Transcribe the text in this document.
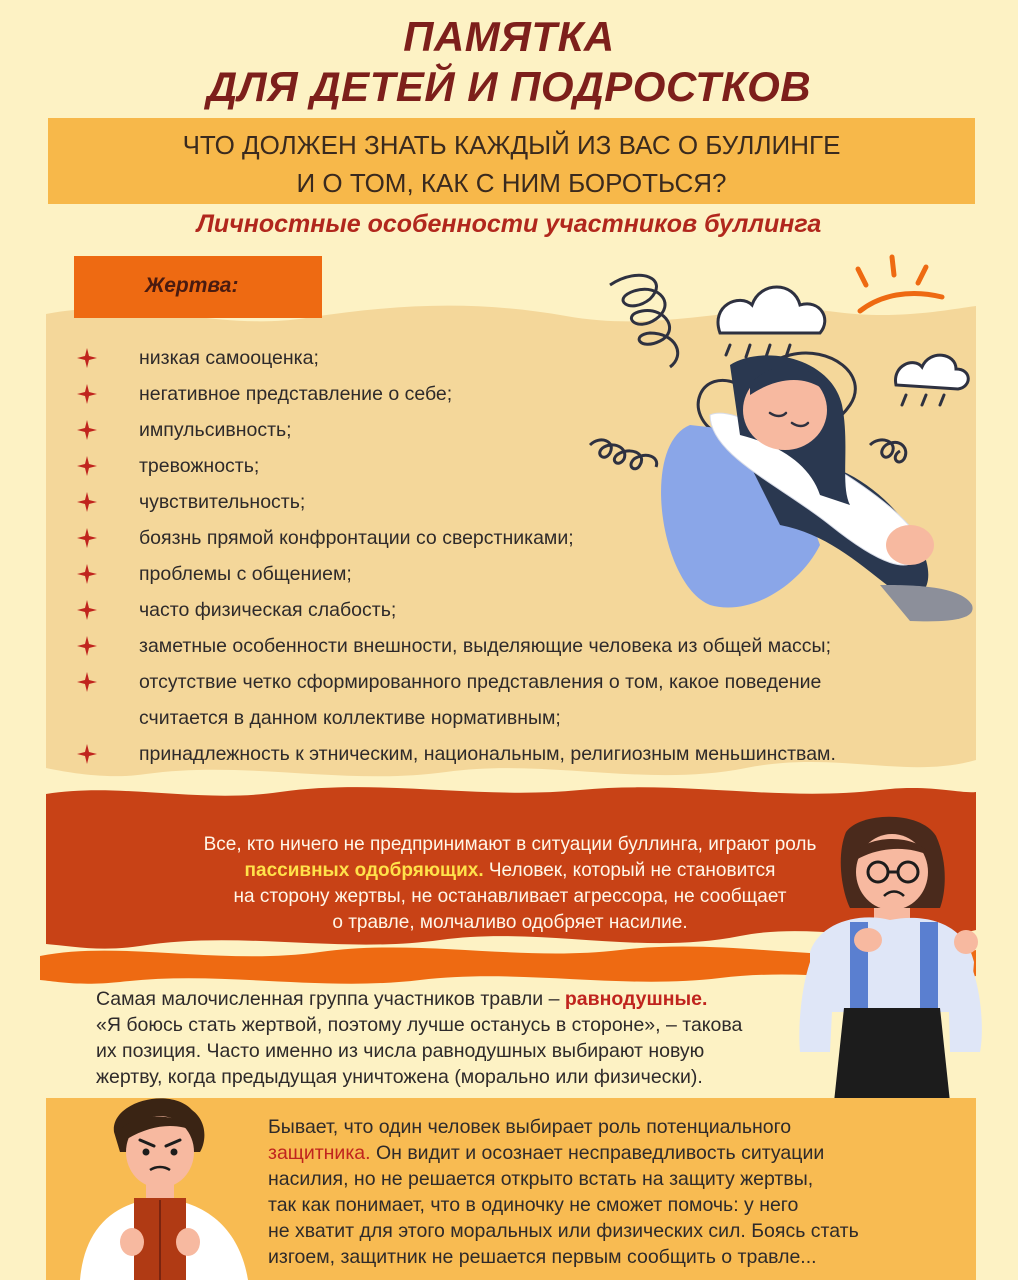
ПАМЯТКА
ДЛЯ ДЕТЕЙ И ПОДРОСТКОВ
ЧТО ДОЛЖЕН ЗНАТЬ КАЖДЫЙ ИЗ ВАС О БУЛЛИНГЕ
И О ТОМ, КАК С НИМ БОРОТЬСЯ?
Личностные особенности участников буллинга
Жертва:
низкая самооценка;
негативное представление о себе;
импульсивность;
тревожность;
чувствительность;
боязнь прямой конфронтации со сверстниками;
проблемы с общением;
часто физическая слабость;
заметные особенности внешности, выделяющие человека из общей массы;
отсутствие четко сформированного представления о том, какое поведение
принадлежность к этническим, национальным, религиозным меньшинствам.
считается в данном коллективе нормативным;
Все, кто ничего не предпринимают в ситуации буллинга, играют роль
пассивных одобряющих. Человек, который не становится
на сторону жертвы, не останавливает агрессора, не сообщает
о травле, молчаливо одобряет насилие.
Самая малочисленная группа участников травли – равнодушные.
«Я боюсь стать жертвой, поэтому лучше останусь в стороне», – такова
их позиция. Часто именно из числа равнодушных выбирают новую
жертву, когда предыдущая уничтожена (морально или физически).
Бывает, что один человек выбирает роль потенциального
защитника. Он видит и осознает несправедливость ситуации
насилия, но не решается открыто встать на защиту жертвы,
так как понимает, что в одиночку не сможет помочь: у него
не хватит для этого моральных или физических сил. Боясь стать
изгоем, защитник не решается первым сообщить о травле...
